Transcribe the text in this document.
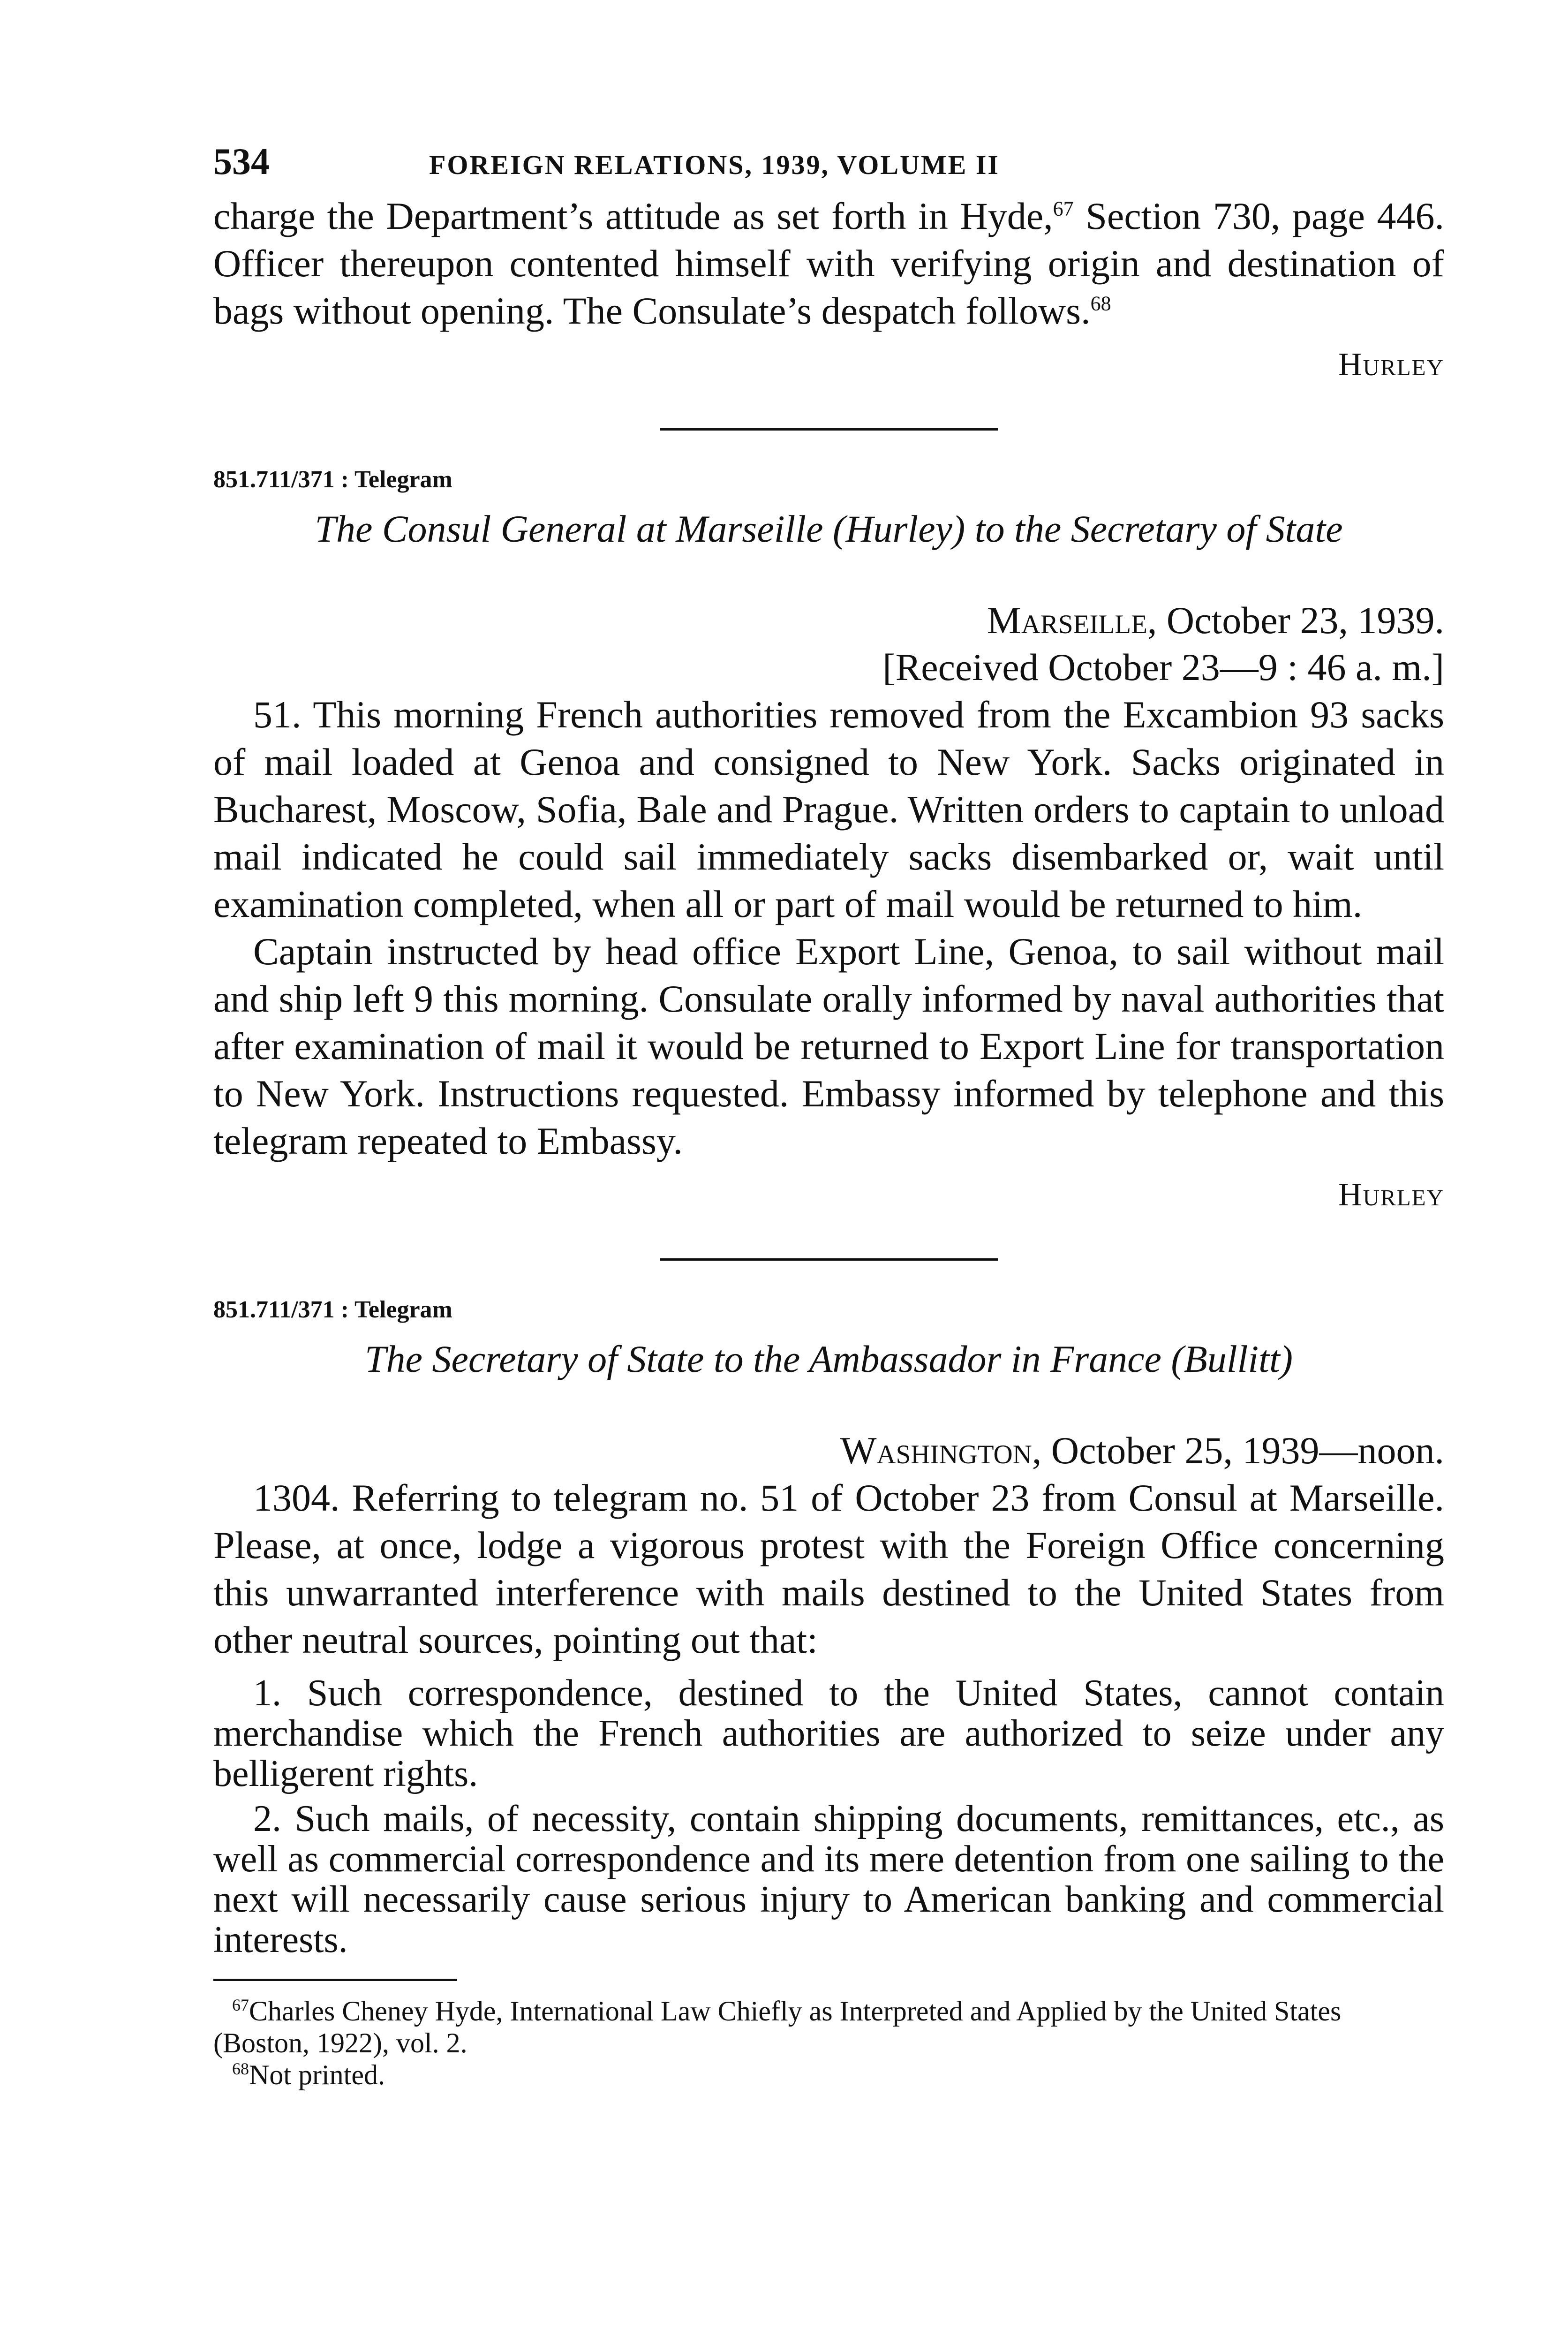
534	FOREIGN RELATIONS, 1939, VOLUME II

charge the Department’s attitude as set forth in Hyde,$^{67}$ Section 730, page 446. Officer thereupon contented himself with verifying origin and destination of bags without opening. The Consulate’s despatch follows.$^{68}$

Hurley
851.711/371 : Telegram
The Consul General at Marseille (Hurley) to the Secretary of State
Marseille, October 23, 1939.
[Received October 23—9 : 46 a. m.]

51. This morning French authorities removed from the Excambion 93 sacks of mail loaded at Genoa and consigned to New York. Sacks originated in Bucharest, Moscow, Sofia, Bale and Prague. Written orders to captain to unload mail indicated he could sail immediately sacks disembarked or, wait until examination completed, when all or part of mail would be returned to him.

Captain instructed by head office Export Line, Genoa, to sail without mail and ship left 9 this morning. Consulate orally informed by naval authorities that after examination of mail it would be returned to Export Line for transportation to New York. Instructions requested. Embassy informed by telephone and this telegram repeated to Embassy.

Hurley
851.711/371 : Telegram
The Secretary of State to the Ambassador in France (Bullitt)
Washington, October 25, 1939—noon.

1304. Referring to telegram no. 51 of October 23 from Consul at Marseille. Please, at once, lodge a vigorous protest with the Foreign Office concerning this unwarranted interference with mails destined to the United States from other neutral sources, pointing out that:

1. Such correspondence, destined to the United States, cannot contain merchandise which the French authorities are authorized to seize under any belligerent rights.

2. Such mails, of necessity, contain shipping documents, remittances, etc., as well as commercial correspondence and its mere detention from one sailing to the next will necessarily cause serious injury to American banking and commercial interests.

$^{67}$Charles Cheney Hyde, International Law Chiefly as Interpreted and Applied by the United States (Boston, 1922), vol. 2.

$^{68}$Not printed.
